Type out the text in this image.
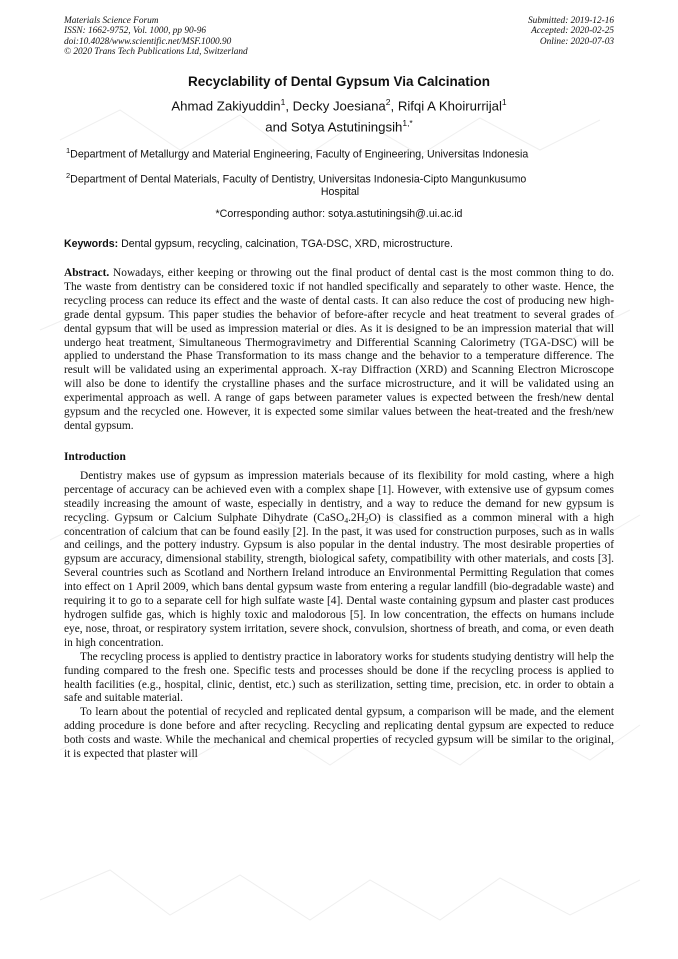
Materials Science Forum
ISSN: 1662-9752, Vol. 1000, pp 90-96
doi:10.4028/www.scientific.net/MSF.1000.90
© 2020 Trans Tech Publications Ltd, Switzerland
Submitted: 2019-12-16
Accepted: 2020-02-25
Online: 2020-07-03
Recyclability of Dental Gypsum Via Calcination
Ahmad Zakiyuddin$^1$, Decky Joesiana$^2$, Rifqi A Khoirurrijal$^1$
and Sotya Astutiningsih$^{1,*}$
$^1$Department of Metallurgy and Material Engineering, Faculty of Engineering, Universitas Indonesia
$^2$Department of Dental Materials, Faculty of Dentistry, Universitas Indonesia-Cipto Mangunkusumo
Hospital
*Corresponding author: sotya.astutiningsih@.ui.ac.id
Keywords: Dental gypsum, recycling, calcination, TGA-DSC, XRD, microstructure.
Abstract. Nowadays, either keeping or throwing out the final product of dental cast is the most common thing to do. The waste from dentistry can be considered toxic if not handled specifically and separately to other waste. Hence, the recycling process can reduce its effect and the waste of dental casts. It can also reduce the cost of producing new high-grade dental gypsum. This paper studies the behavior of before-after recycle and heat treatment to several grades of dental gypsum that will be used as impression material or dies. As it is designed to be an impression material that will undergo heat treatment, Simultaneous Thermogravimetry and Differential Scanning Calorimetry (TGA-DSC) will be applied to understand the Phase Transformation to its mass change and the behavior to a temperature difference. The result will be validated using an experimental approach. X-ray Diffraction (XRD) and Scanning Electron Microscope will also be done to identify the crystalline phases and the surface microstructure, and it will be validated using an experimental approach as well. A range of gaps between parameter values is expected between the fresh/new dental gypsum and the recycled one. However, it is expected some similar values between the heat-treated and the fresh/new dental gypsum.
Introduction

Dentistry makes use of gypsum as impression materials because of its flexibility for mold casting, where a high percentage of accuracy can be achieved even with a complex shape [1]. However, with extensive use of gypsum comes steadily increasing the amount of waste, especially in dentistry, and a way to reduce the demand for new gypsum is recycling. Gypsum or Calcium Sulphate Dihydrate $(CaSO_4.2H_2O)$ is classified as a common mineral with a high concentration of calcium that can be found easily [2]. In the past, it was used for construction purposes, such as in walls and ceilings, and the pottery industry. Gypsum is also popular in the dental industry. The most desirable properties of gypsum are accuracy, dimensional stability, strength, biological safety, compatibility with other materials, and costs [3]. Several countries such as Scotland and Northern Ireland introduce an Environmental Permitting Regulation that comes into effect on 1 April 2009, which bans dental gypsum waste from entering a regular landfill (bio-degradable waste) and requiring it to go to a separate cell for high sulfate waste [4]. Dental waste containing gypsum and plaster cast produces hydrogen sulfide gas, which is highly toxic and malodorous [5]. In low concentration, the effects on humans include eye, nose, throat, or respiratory system irritation, severe shock, convulsion, shortness of breath, and coma, or even death in high concentration.

The recycling process is applied to dentistry practice in laboratory works for students studying dentistry will help the funding compared to the fresh one. Specific tests and processes should be done if the recycling process is applied to health facilities (e.g., hospital, clinic, dentist, etc.) such as sterilization, setting time, precision, etc. in order to obtain a safe and suitable material.

To learn about the potential of recycled and replicated dental gypsum, a comparison will be made, and the element adding procedure is done before and after recycling. Recycling and replicating dental gypsum are expected to reduce both costs and waste. While the mechanical and chemical properties of recycled gypsum will be similar to the original, it is expected that plaster will
